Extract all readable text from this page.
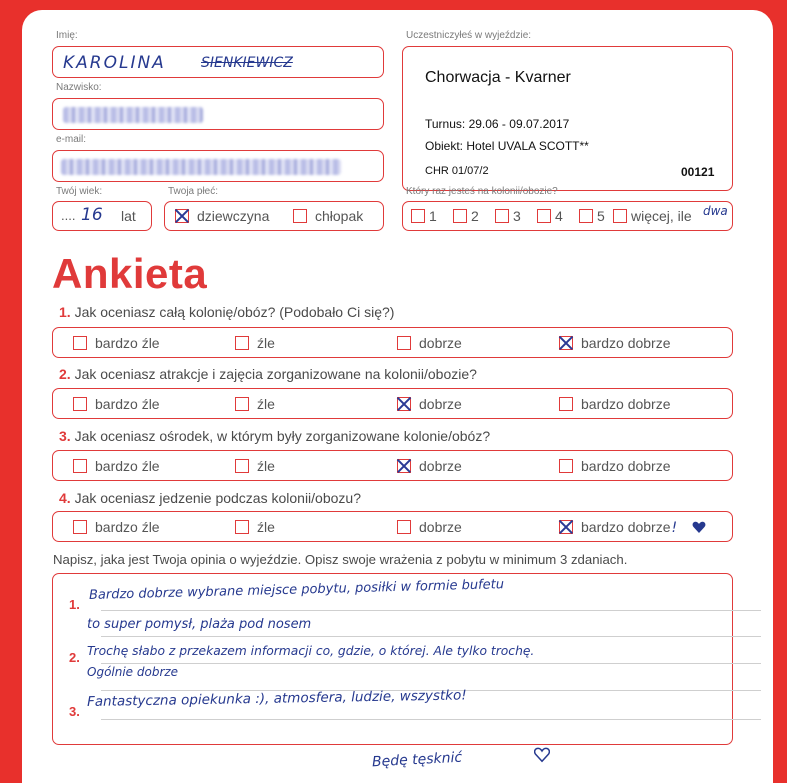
Imię:
KAROLINA	SIENKIEWICZ
Nazwisko:
e-mail:
Twój wiek:
.... 16 lat
Twoja płeć:
dziewczyna	chłopak
Uczestniczyłeś w wyjeździe:
Chorwacja - Kvarner
Turnus: 29.06 - 09.07.2017
Obiekt: Hotel UVALA SCOTT**
CHR 01/07/2	00121
Który raz jesteś na kolonii/obozie?
1	2	3	4	5	więcej, ile dwa
Ankieta
1. Jak oceniasz całą kolonię/obóz? (Podobało Ci się?)
bardzo źle	źle	dobrze	bardzo dobrze
2. Jak oceniasz atrakcje i zajęcia zorganizowane na kolonii/obozie?
bardzo źle	źle	dobrze	bardzo dobrze
3. Jak oceniasz ośrodek, w którym były zorganizowane kolonie/obóz?
bardzo źle	źle	dobrze	bardzo dobrze
4. Jak oceniasz jedzenie podczas kolonii/obozu?
bardzo źle	źle	dobrze	bardzo dobrze!
Napisz, jaka jest Twoja opinia o wyjeździe. Opisz swoje wrażenia z pobytu w minimum 3 zdaniach.
1.
Bardzo dobrze wybrane miejsce pobytu, posiłki w formie bufetu
to super pomysł, plaża pod nosem
2. Trochę słabo z przekazem informacji co, gdzie, o której. Ale tylko trochę.
Ogólnie dobrze
3.
Fantastyczna opiekunka :), atmosfera, ludzie, wszystko!
Będę tęsknić
